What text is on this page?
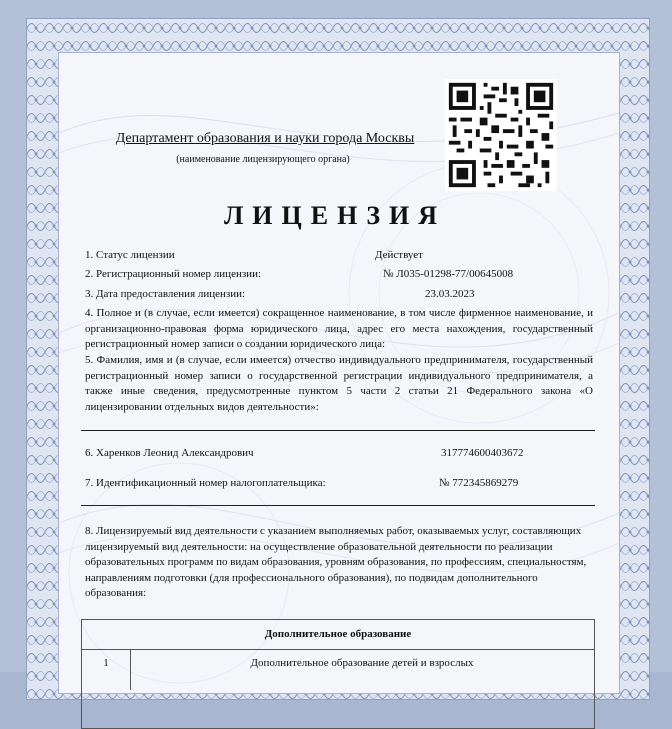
Департамент образования и науки города Москвы
(наименование лицензирующего органа)
ЛИЦЕНЗИЯ
1. Статус лицензии	Действует
2. Регистрационный номер лицензии:	№ Л035-01298-77/00645008
3. Дата предоставления лицензии:	23.03.2023
4. Полное и (в случае, если имеется) сокращенное наименование, в том числе фирменное наименование, и организационно-правовая форма юридического лица, адрес его места нахождения, государственный регистрационный номер записи о создании юридического лица:
5. Фамилия, имя и (в случае, если имеется) отчество индивидуального предпринимателя, государственный регистрационный номер записи о государственной регистрации индивидуального предпринимателя, а также иные сведения, предусмотренные пунктом 5 части 2 статьи 21 Федерального закона «О лицензировании отдельных видов деятельности»:
6. Харенков Леонид Александрович	317774600403672
7. Идентификационный номер налогоплательщика:	№ 772345869279
8. Лицензируемый вид деятельности с указанием выполняемых работ, оказываемых услуг, составляющих лицензируемый вид деятельности: на осуществление образовательной деятельности по реализации образовательных программ по видам образования, уровням образования, по профессиям, специальностям, направлениям подготовки (для профессионального образования), по подвидам дополнительного образования:
Дополнительное образование
1	Дополнительное образование детей и взрослых
